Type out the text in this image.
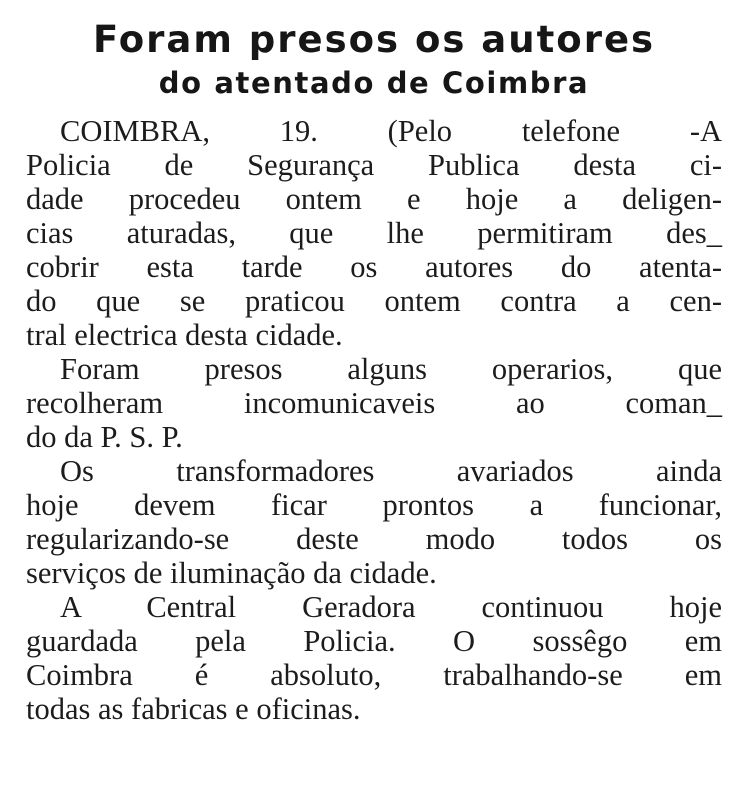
Foram presos os autores
do atentado de Coimbra

COIMBRA, 19. (Pelo telefone -A
Policia de Segurança Publica desta ci-
dade procedeu ontem e hoje a deligen-
cias aturadas, que lhe permitiram des_
cobrir esta tarde os autores do atenta-
do que se praticou ontem contra a cen-
tral electrica desta cidade.

Foram presos alguns operarios, que
recolheram incomunicaveis ao coman_
do da P. S. P.

Os transformadores avariados ainda
hoje devem ficar prontos a funcionar,
regularizando-se deste modo todos os
serviços de iluminação da cidade.

A Central Geradora continuou hoje
guardada pela Policia. O sossêgo em
Coimbra é absoluto, trabalhando-se em
todas as fabricas e oficinas.
